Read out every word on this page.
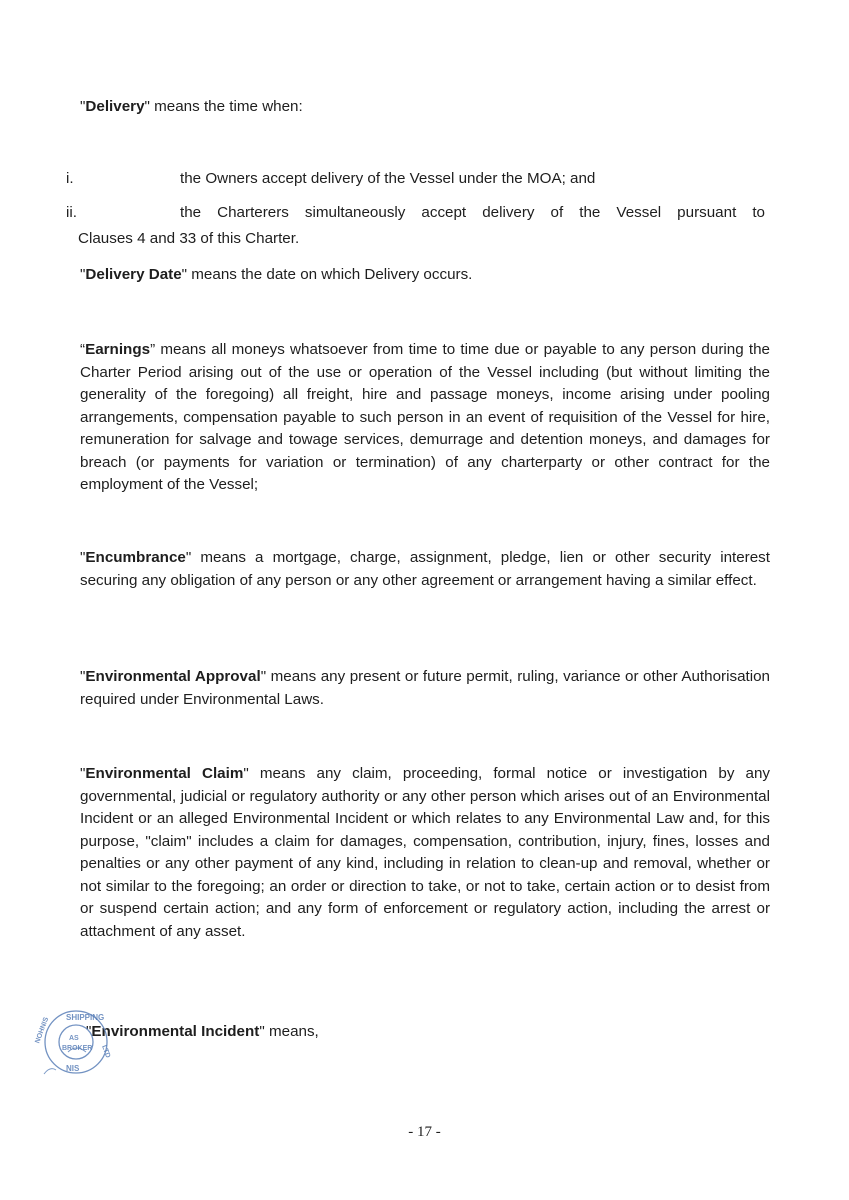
"Delivery" means the time when:
i.	the Owners accept delivery of the Vessel under the MOA; and
ii.	the Charterers simultaneously accept delivery of the Vessel pursuant to
Clauses 4 and 33 of this Charter.
"Delivery Date" means the date on which Delivery occurs.
“Earnings” means all moneys whatsoever from time to time due or payable to any person during the Charter Period arising out of the use or operation of the Vessel including (but without limiting the generality of the foregoing) all freight, hire and passage moneys, income arising under pooling arrangements, compensation payable to such person in an event of requisition of the Vessel for hire, remuneration for salvage and towage services, demurrage and detention moneys, and damages for breach (or payments for variation or termination) of any charterparty or other contract for the employment of the Vessel;
"Encumbrance" means a mortgage, charge, assignment, pledge, lien or other security interest securing any obligation of any person or any other agreement or arrangement having a similar effect.
"Environmental Approval" means any present or future permit, ruling, variance or other Authorisation required under Environmental Laws.
"Environmental Claim" means any claim, proceeding, formal notice or investigation by any governmental, judicial or regulatory authority or any other person which arises out of an Environmental Incident or an alleged Environmental Incident or which relates to any Environmental Law and, for this purpose, "claim" includes a claim for damages, compensation, contribution, injury, fines, losses and penalties or any other payment of any kind, including in relation to clean-up and removal, whether or not similar to the foregoing; an order or direction to take, or not to take, certain action or to desist from or suspend certain action; and any form of enforcement or regulatory action, including the arrest or attachment of any asset.
"Environmental Incident" means,
SHIPPING
LTD
NIS
NOHNIS	AS
BROKER
- 17 -
